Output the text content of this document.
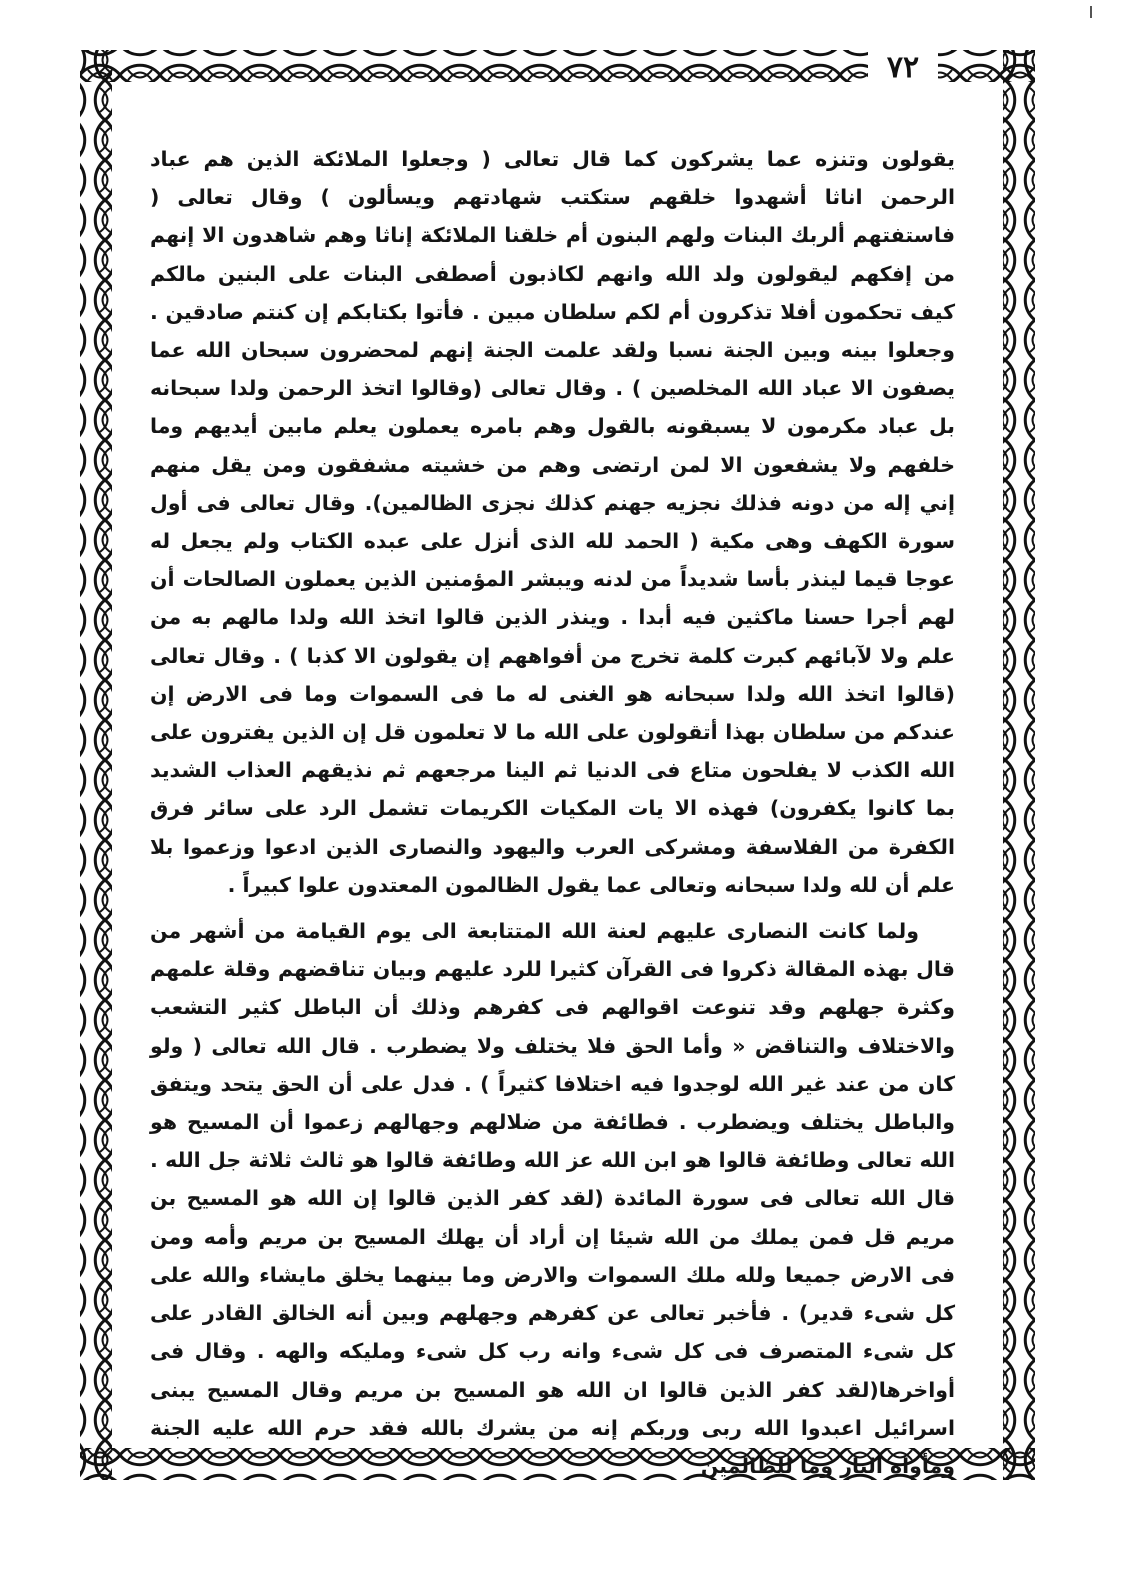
٧٢

يقولون وتنزه عما يشركون كما قال تعالى ( وجعلوا الملائكة الذين هم عباد الرحمن اناثا أشهدوا خلقهم ستكتب شهادتهم ويسألون ) وقال تعالى ( فاستفتهم ألربك البنات ولهم البنون أم خلقنا الملائكة إناثا وهم شاهدون الا إنهم من إفكهم ليقولون ولد الله وانهم لكاذبون أصطفى البنات على البنين مالكم كيف تحكمون أفلا تذكرون أم لكم سلطان مبين . فأتوا بكتابكم إن كنتم صادقين . وجعلوا بينه وبين الجنة نسبا ولقد علمت الجنة إنهم لمحضرون سبحان الله عما يصفون الا عباد الله المخلصين ) . وقال تعالى (وقالوا اتخذ الرحمن ولدا سبحانه بل عباد مكرمون لا يسبقونه بالقول وهم بامره يعملون يعلم مابين أيديهم وما خلفهم ولا يشفعون الا لمن ارتضى وهم من خشيته مشفقون ومن يقل منهم إني إله من دونه فذلك نجزيه جهنم كذلك نجزى الظالمين). وقال تعالى فى أول سورة الكهف وهى مكية ( الحمد لله الذى أنزل على عبده الكتاب ولم يجعل له عوجا قيما لينذر بأسا شديداً من لدنه ويبشر المؤمنين الذين يعملون الصالحات أن لهم أجرا حسنا ماكثين فيه أبدا . وينذر الذين قالوا اتخذ الله ولدا مالهم به من علم ولا لآبائهم كبرت كلمة تخرج من أفواههم إن يقولون الا كذبا ) . وقال تعالى (قالوا اتخذ الله ولدا سبحانه هو الغنى له ما فى السموات وما فى الارض إن عندكم من سلطان بهذا أتقولون على الله ما لا تعلمون قل إن الذين يفترون على الله الكذب لا يفلحون متاع فى الدنيا ثم الينا مرجعهم ثم نذيقهم العذاب الشديد بما كانوا يكفرون) فهذه الا يات المكيات الكريمات تشمل الرد على سائر فرق الكفرة من الفلاسفة ومشركى العرب واليهود والنصارى الذين ادعوا وزعموا بلا علم أن لله ولدا سبحانه وتعالى عما يقول الظالمون المعتدون علوا كبيراً .

ولما كانت النصارى عليهم لعنة الله المتتابعة الى يوم القيامة من أشهر من قال بهذه المقالة ذكروا فى القرآن كثيرا للرد عليهم وبيان تناقضهم وقلة علمهم وكثرة جهلهم وقد تنوعت اقوالهم فى كفرهم وذلك أن الباطل كثير التشعب والاختلاف والتناقض « وأما الحق فلا يختلف ولا يضطرب . قال الله تعالى ( ولو كان من عند غير الله لوجدوا فيه اختلافا كثيراً ) . فدل على أن الحق يتحد ويتفق والباطل يختلف ويضطرب . فطائفة من ضلالهم وجهالهم زعموا أن المسيح هو الله تعالى وطائفة قالوا هو ابن الله عز الله وطائفة قالوا هو ثالث ثلاثة جل الله . قال الله تعالى فى سورة المائدة (لقد كفر الذين قالوا إن الله هو المسيح بن مريم قل فمن يملك من الله شيئا إن أراد أن يهلك المسيح بن مريم وأمه ومن فى الارض جميعا ولله ملك السموات والارض وما بينهما يخلق مايشاء والله على كل شىء قدير) . فأخبر تعالى عن كفرهم وجهلهم وبين أنه الخالق القادر على كل شىء المتصرف فى كل شىء وانه رب كل شىء ومليكه والهه . وقال فى أواخرها(لقد كفر الذين قالوا ان الله هو المسيح بن مريم وقال المسيح يبنى اسرائيل اعبدوا الله ربى وربكم إنه من يشرك بالله فقد حرم الله عليه الجنة ومأواه النار وما للظالمين
